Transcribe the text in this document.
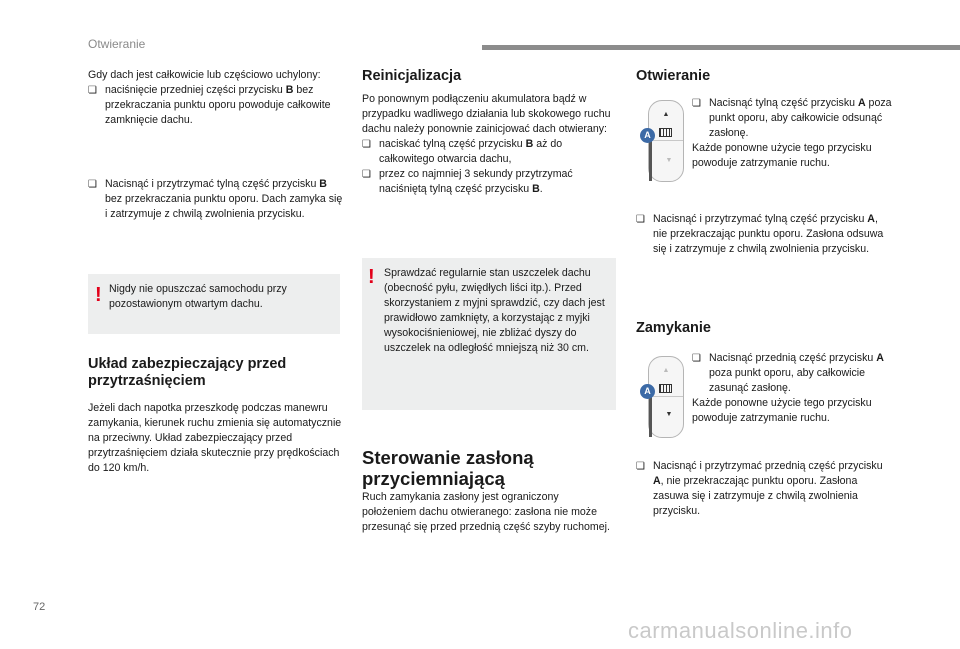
Otwieranie

Gdy dach jest całkowicie lub częściowo uchylony:

❏ naciśnięcie przedniej części przycisku B bez przekraczania punktu oporu powoduje całkowite zamknięcie dachu.
❏ Nacisnąć i przytrzymać tylną część przycisku B bez przekraczania punktu oporu. Dach zamyka się i zatrzymuje z chwilą zwolnienia przycisku.
! Nigdy nie opuszczać samochodu przy pozostawionym otwartym dachu.

Układ zabezpieczający przed przytrzaśnięciem

Jeżeli dach napotka przeszkodę podczas manewru zamykania, kierunek ruchu zmienia się automatycznie na przeciwny. Układ zabezpieczający przed przytrzaśnięciem działa skutecznie przy prędkościach do 120 km/h.

Reinicjalizacja

Po ponownym podłączeniu akumulatora bądź w przypadku wadliwego działania lub skokowego ruchu dachu należy ponownie zainicjować dach otwierany:

❏ naciskać tylną część przycisku B aż do całkowitego otwarcia dachu,
❏ przez co najmniej 3 sekundy przytrzymać naciśniętą tylną część przycisku B.
! Sprawdzać regularnie stan uszczelek dachu (obecność pyłu, zwiędłych liści itp.). Przed skorzystaniem z myjni sprawdzić, czy dach jest prawidłowo zamknięty, a korzystając z myjki wysokociśnieniowej, nie zbliżać dyszy do uszczelek na odległość mniejszą niż 30 cm.

Sterowanie zasłoną przyciemniającą

Ruch zamykania zasłony jest ograniczony położeniem dachu otwieranego: zasłona nie może przesunąć się przed przednią część szyby ruchomej.

Otwieranie

▲
▼
A
❏ Nacisnąć tylną część przycisku A poza punkt oporu, aby całkowicie odsunąć zasłonę.

Każde ponowne użycie tego przycisku powoduje zatrzymanie ruchu.

❏ Nacisnąć i przytrzymać tylną część przycisku A, nie przekraczając punktu oporu. Zasłona odsuwa się i zatrzymuje z chwilą zwolnienia przycisku.

Zamykanie

▲
▼
A
❏ Nacisnąć przednią część przycisku A poza punkt oporu, aby całkowicie zasunąć zasłonę.

Każde ponowne użycie tego przycisku powoduje zatrzymanie ruchu.

❏ Nacisnąć i przytrzymać przednią część przycisku A, nie przekraczając punktu oporu. Zasłona zasuwa się i zatrzymuje z chwilą zwolnienia przycisku.
72
carmanualsonline.info
